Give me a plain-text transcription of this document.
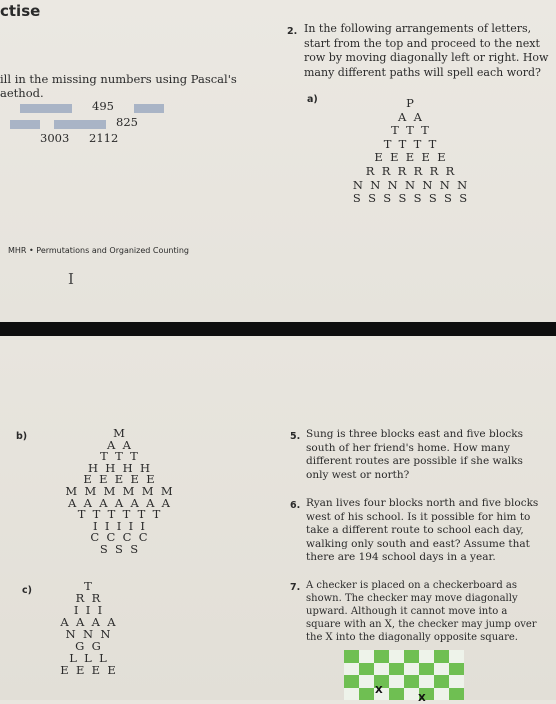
ctise
ill in the missing numbers using Pascal's
aethod.
495
825
3003 2112
MHR • Permutations and Organized Counting
I
2. In the following arrangements of letters,
start from the top and proceed to the next
row by moving diagonally left or right. How
many different paths will spell each word?
a)	P
A  A
T  T  T
T  T  T  T
E  E  E  E  E
R  R  R  R  R  R
N  N  N  N  N  N  N
S  S  S  S  S  S  S  S
b)	M
A  A
T  T  T
H  H  H  H
E  E  E  E  E
M  M  M  M  M  M
A  A  A  A  A  A  A
T  T  T  T  T  T
I  I  I  I  I
C  C  C  C
S  S  S
c)	T
R  R
I  I  I
A  A  A  A
N  N  N
G  G
L  L  L
E  E  E  E
5. Sung is three blocks east and five blocks
south of her friend's home. How many
different routes are possible if she walks
only west or north?
6. Ryan lives four blocks north and five blocks
west of his school. Is it possible for him to
take a different route to school each day,
walking only south and east? Assume that
there are 194 school days in a year.
7. A checker is placed on a checkerboard as
shown. The checker may move diagonally
upward. Although it cannot move into a
square with an X, the checker may jump over
the X into the diagonally opposite square.
X
X
